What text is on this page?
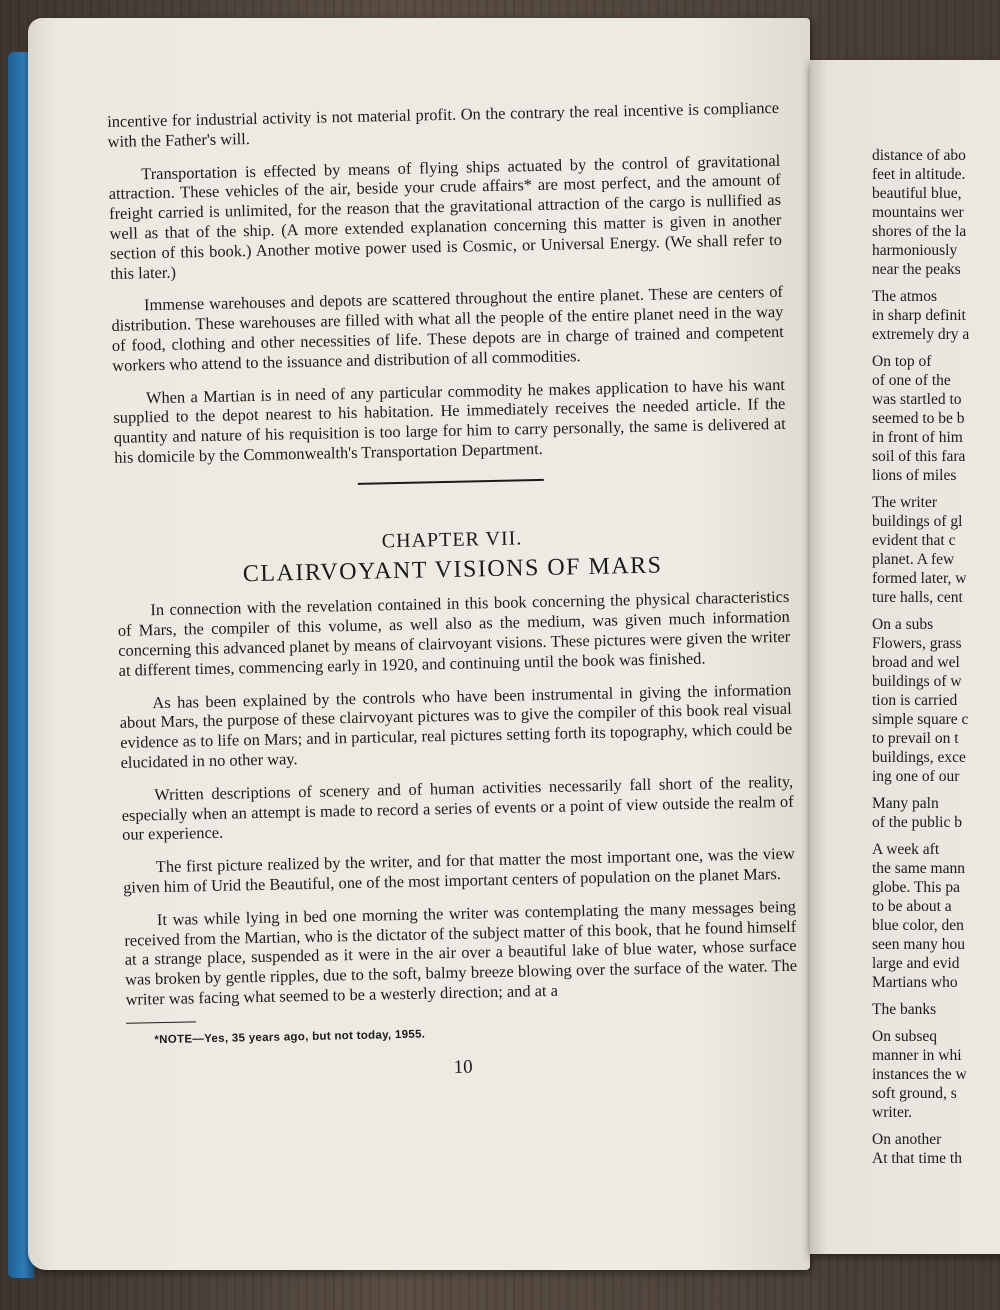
incentive for industrial activity is not material profit. On the contrary the real incentive is compliance with the Father's will.

Transportation is effected by means of flying ships actuated by the control of gravitational attraction. These vehicles of the air, beside your crude affairs* are most perfect, and the amount of freight carried is unlimited, for the reason that the gravitational attraction of the cargo is nullified as well as that of the ship. (A more extended explanation concerning this matter is given in another section of this book.) Another motive power used is Cosmic, or Universal Energy. (We shall refer to this later.)

Immense warehouses and depots are scattered throughout the entire planet. These are centers of distribution. These warehouses are filled with what all the people of the entire planet need in the way of food, clothing and other necessities of life. These depots are in charge of trained and competent workers who attend to the issuance and distribution of all commodities.

When a Martian is in need of any particular commodity he makes application to have his want supplied to the depot nearest to his habitation. He immediately receives the needed article. If the quantity and nature of his requisition is too large for him to carry personally, the same is delivered at his domicile by the Commonwealth's Transportation Department.

CHAPTER VII.
CLAIRVOYANT VISIONS OF MARS

In connection with the revelation contained in this book concerning the physical characteristics of Mars, the compiler of this volume, as well also as the medium, was given much information concerning this advanced planet by means of clairvoyant visions. These pictures were given the writer at different times, commencing early in 1920, and continuing until the book was finished.

As has been explained by the controls who have been instrumental in giving the information about Mars, the purpose of these clairvoyant pictures was to give the compiler of this book real visual evidence as to life on Mars; and in particular, real pictures setting forth its topography, which could be elucidated in no other way.

Written descriptions of scenery and of human activities necessarily fall short of the reality, especially when an attempt is made to record a series of events or a point of view outside the realm of our experience.

The first picture realized by the writer, and for that matter the most important one, was the view given him of Urid the Beautiful, one of the most important centers of population on the planet Mars.

It was while lying in bed one morning the writer was contemplating the many messages being received from the Martian, who is the dictator of the subject matter of this book, that he found himself at a strange place, suspended as it were in the air over a beautiful lake of blue water, whose surface was broken by gentle ripples, due to the soft, balmy breeze blowing over the surface of the water. The writer was facing what seemed to be a westerly direction; and at a

*NOTE—Yes, 35 years ago, but not today, 1955.
10
distance of abo
feet in altitude.
beautiful blue,
mountains wer
shores of the la
harmoniously
near the peaks
The atmos
in sharp definit
extremely dry a
On top of
of one of the
was startled to
seemed to be b
in front of him
soil of this fara
lions of miles
The writer
buildings of gl
evident that c
planet. A few
formed later, w
ture halls, cent
On a subs
Flowers, grass
broad and wel
buildings of w
tion is carried
simple square c
to prevail on t
buildings, exce
ing one of our
Many paln
of the public b
A week aft
the same mann
globe. This pa
to be about a
blue color, den
seen many hou
large and evid
Martians who
The banks
On subseq
manner in whi
instances the w
soft ground, s
writer.
On another
At that time th
